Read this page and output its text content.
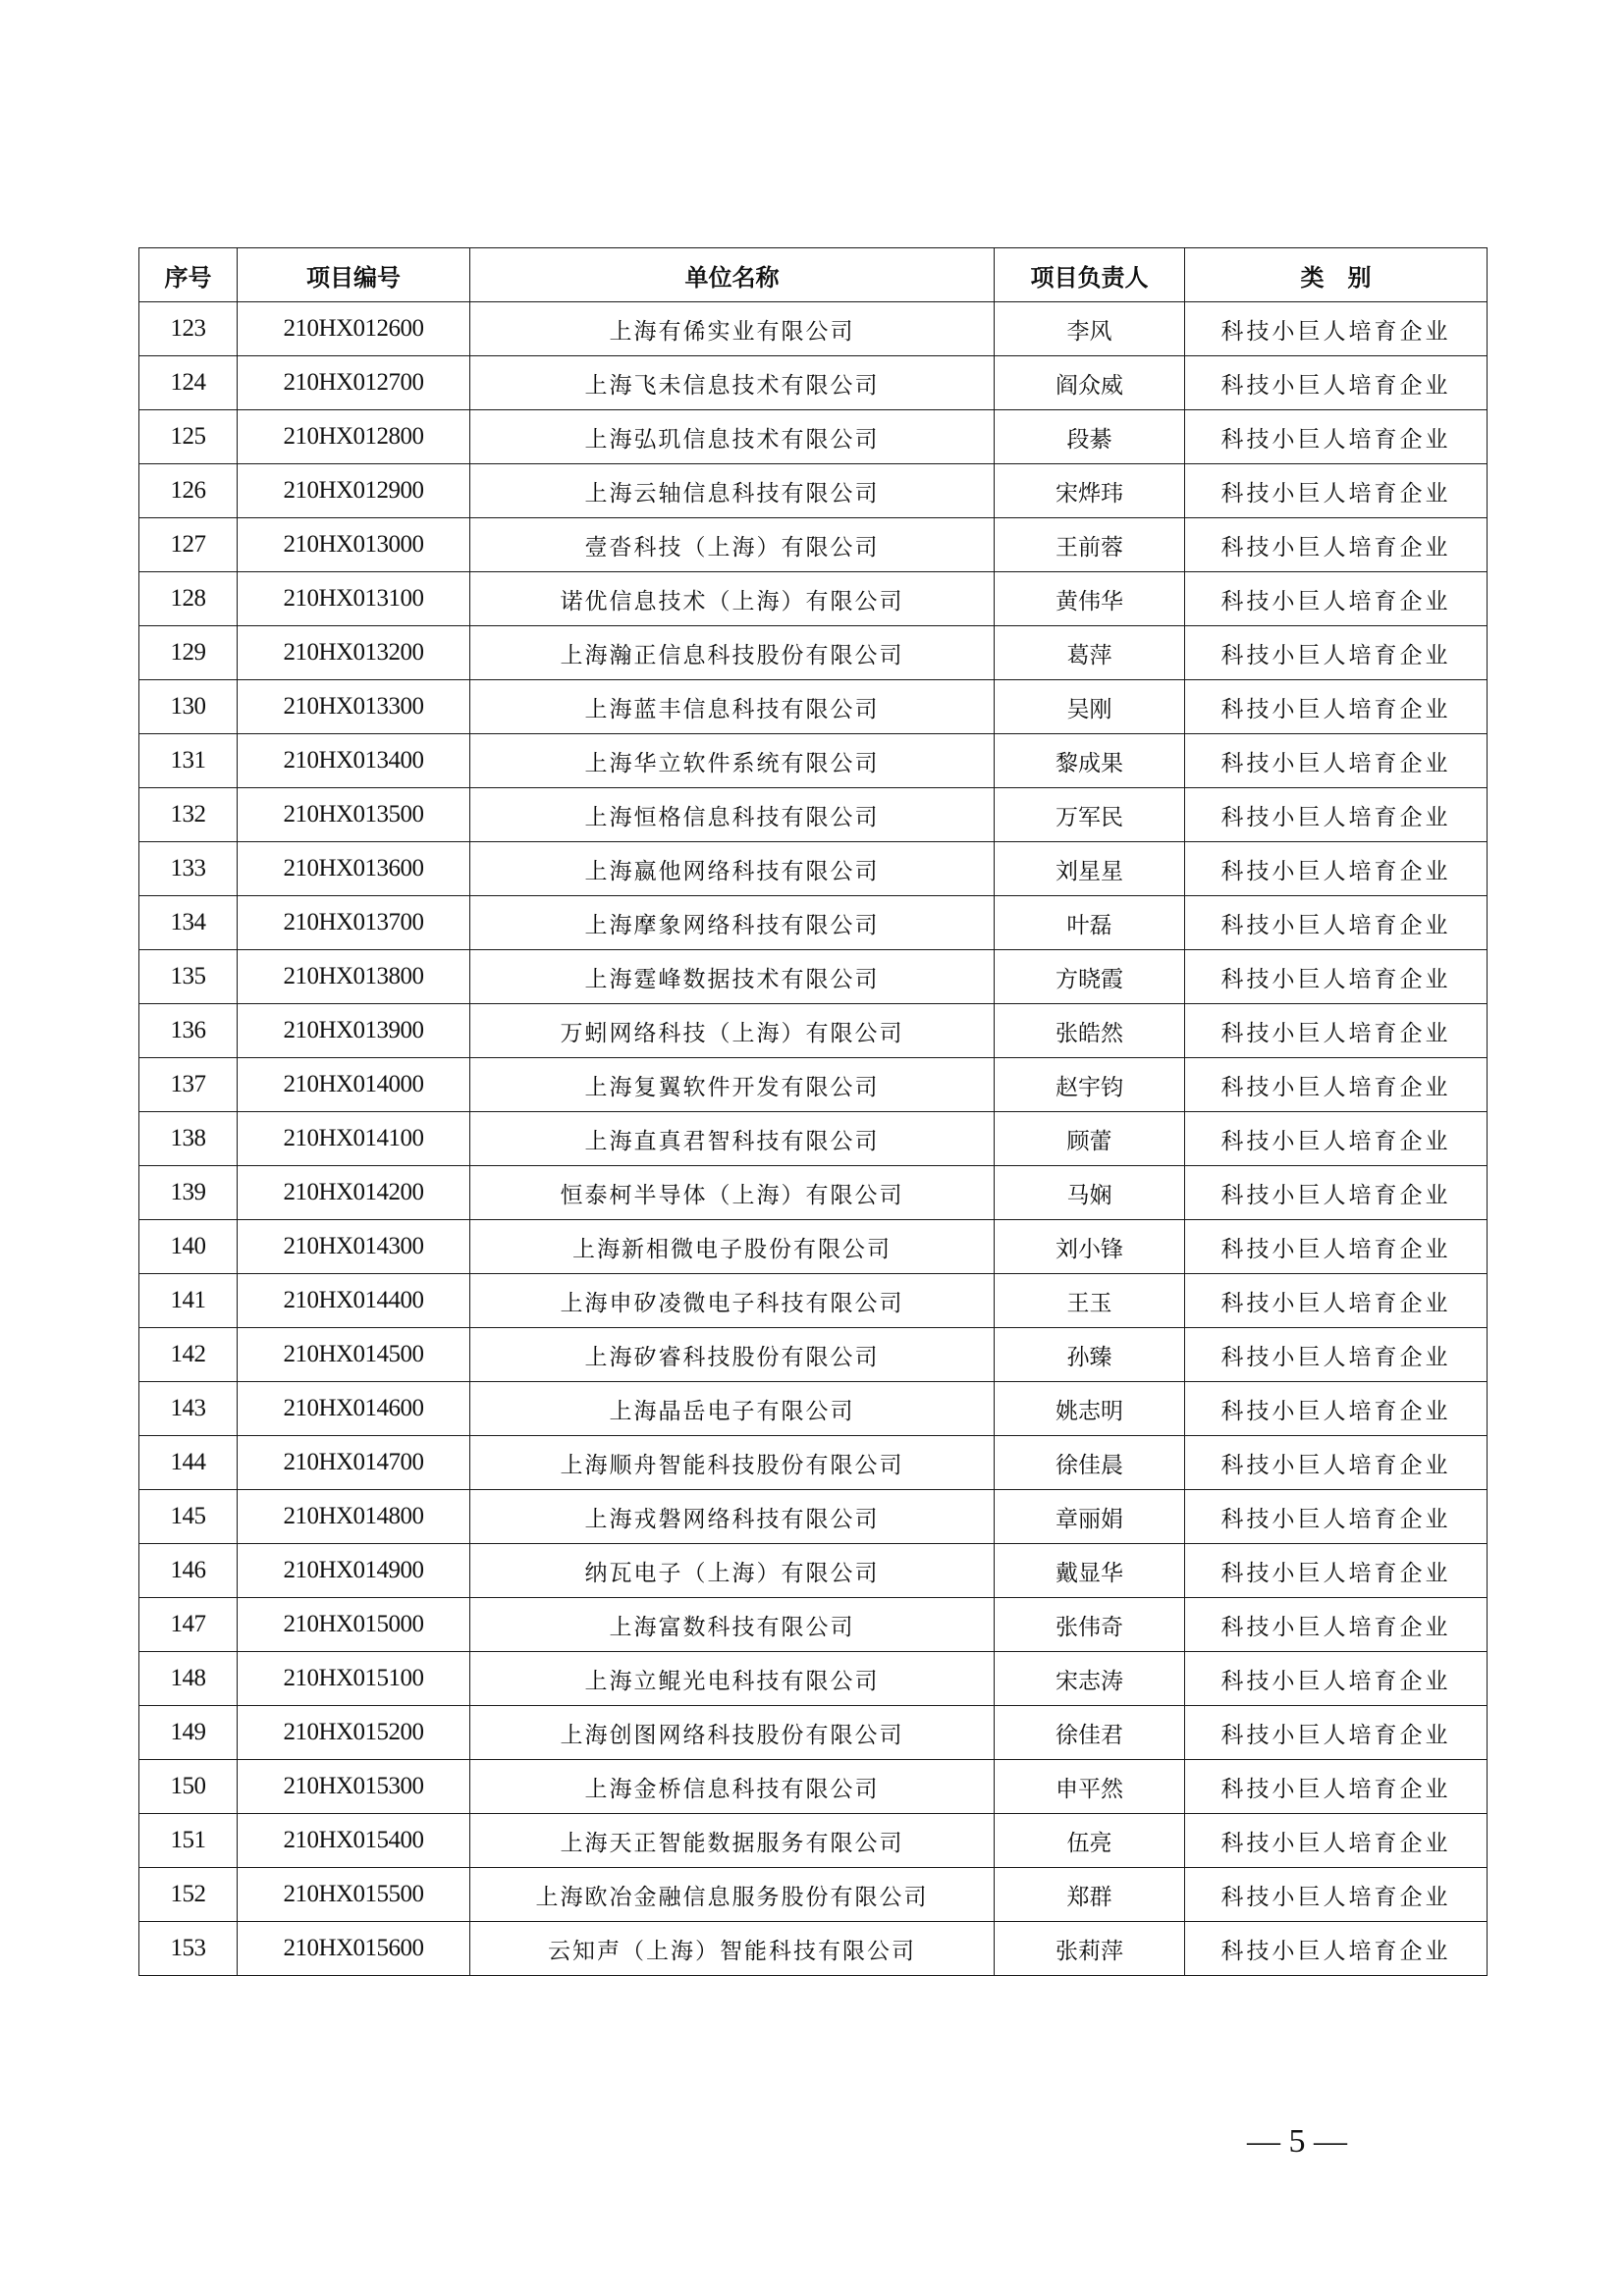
序号	项目编号	单位名称	项目负责人	类　别
123	210HX012600	上海有俙实业有限公司	李风	科技小巨人培育企业
124	210HX012700	上海飞未信息技术有限公司	阎众威	科技小巨人培育企业
125	210HX012800	上海弘玑信息技术有限公司	段綦	科技小巨人培育企业
126	210HX012900	上海云轴信息科技有限公司	宋烨玮	科技小巨人培育企业
127	210HX013000	壹沓科技（上海）有限公司	王前蓉	科技小巨人培育企业
128	210HX013100	诺优信息技术（上海）有限公司	黄伟华	科技小巨人培育企业
129	210HX013200	上海瀚正信息科技股份有限公司	葛萍	科技小巨人培育企业
130	210HX013300	上海蓝丰信息科技有限公司	吴刚	科技小巨人培育企业
131	210HX013400	上海华立软件系统有限公司	黎成果	科技小巨人培育企业
132	210HX013500	上海恒格信息科技有限公司	万军民	科技小巨人培育企业
133	210HX013600	上海嬴他网络科技有限公司	刘星星	科技小巨人培育企业
134	210HX013700	上海摩象网络科技有限公司	叶磊	科技小巨人培育企业
135	210HX013800	上海霆峰数据技术有限公司	方晓霞	科技小巨人培育企业
136	210HX013900	万蚓网络科技（上海）有限公司	张皓然	科技小巨人培育企业
137	210HX014000	上海复翼软件开发有限公司	赵宇钧	科技小巨人培育企业
138	210HX014100	上海直真君智科技有限公司	顾蕾	科技小巨人培育企业
139	210HX014200	恒泰柯半导体（上海）有限公司	马娴	科技小巨人培育企业
140	210HX014300	上海新相微电子股份有限公司	刘小锋	科技小巨人培育企业
141	210HX014400	上海申矽凌微电子科技有限公司	王玉	科技小巨人培育企业
142	210HX014500	上海矽睿科技股份有限公司	孙臻	科技小巨人培育企业
143	210HX014600	上海晶岳电子有限公司	姚志明	科技小巨人培育企业
144	210HX014700	上海顺舟智能科技股份有限公司	徐佳晨	科技小巨人培育企业
145	210HX014800	上海戎磐网络科技有限公司	章丽娟	科技小巨人培育企业
146	210HX014900	纳瓦电子（上海）有限公司	戴显华	科技小巨人培育企业
147	210HX015000	上海富数科技有限公司	张伟奇	科技小巨人培育企业
148	210HX015100	上海立鲲光电科技有限公司	宋志涛	科技小巨人培育企业
149	210HX015200	上海创图网络科技股份有限公司	徐佳君	科技小巨人培育企业
150	210HX015300	上海金桥信息科技有限公司	申平然	科技小巨人培育企业
151	210HX015400	上海天正智能数据服务有限公司	伍亮	科技小巨人培育企业
152	210HX015500	上海欧冶金融信息服务股份有限公司	郑群	科技小巨人培育企业
153	210HX015600	云知声（上海）智能科技有限公司	张莉萍	科技小巨人培育企业
— 5 —
